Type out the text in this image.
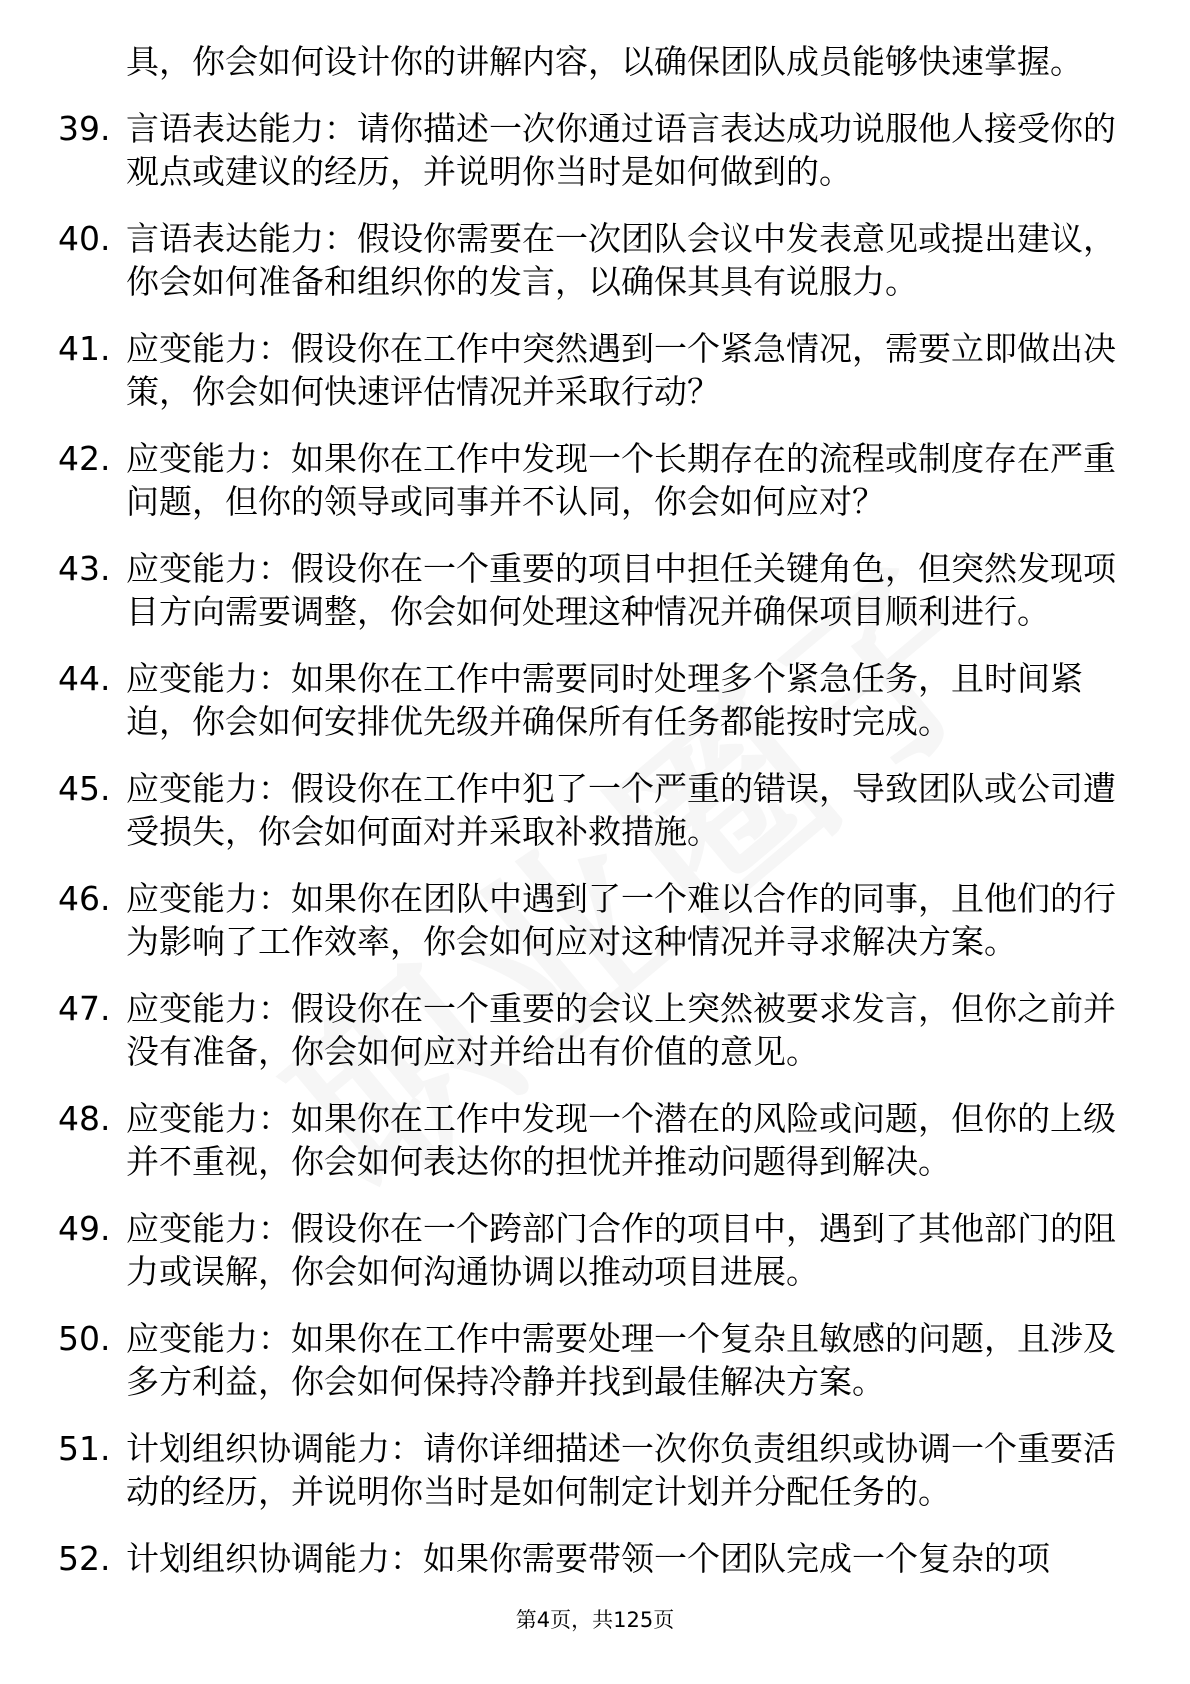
具，你会如何设计你的讲解内容，以确保团队成员能够快速掌握。
39. 言语表达能力：请你描述一次你通过语言表达成功说服他人接受你的观点或建议的经历，并说明你当时是如何做到的。
40. 言语表达能力：假设你需要在一次团队会议中发表意见或提出建议，你会如何准备和组织你的发言，以确保其具有说服力。
41. 应变能力：假设你在工作中突然遇到一个紧急情况，需要立即做出决策，你会如何快速评估情况并采取行动？
42. 应变能力：如果你在工作中发现一个长期存在的流程或制度存在严重问题，但你的领导或同事并不认同，你会如何应对？
43. 应变能力：假设你在一个重要的项目中担任关键角色，但突然发现项目方向需要调整，你会如何处理这种情况并确保项目顺利进行。
44. 应变能力：如果你在工作中需要同时处理多个紧急任务，且时间紧迫，你会如何安排优先级并确保所有任务都能按时完成。
45. 应变能力：假设你在工作中犯了一个严重的错误，导致团队或公司遭受损失，你会如何面对并采取补救措施。
46. 应变能力：如果你在团队中遇到了一个难以合作的同事，且他们的行为影响了工作效率，你会如何应对这种情况并寻求解决方案。
47. 应变能力：假设你在一个重要的会议上突然被要求发言，但你之前并没有准备，你会如何应对并给出有价值的意见。
48. 应变能力：如果你在工作中发现一个潜在的风险或问题，但你的上级并不重视，你会如何表达你的担忧并推动问题得到解决。
49. 应变能力：假设你在一个跨部门合作的项目中，遇到了其他部门的阻力或误解，你会如何沟通协调以推动项目进展。
50. 应变能力：如果你在工作中需要处理一个复杂且敏感的问题，且涉及多方利益，你会如何保持冷静并找到最佳解决方案。
51. 计划组织协调能力：请你详细描述一次你负责组织或协调一个重要活动的经历，并说明你当时是如何制定计划并分配任务的。
52. 计划组织协调能力：如果你需要带领一个团队完成一个复杂的项
第4页，共125页
